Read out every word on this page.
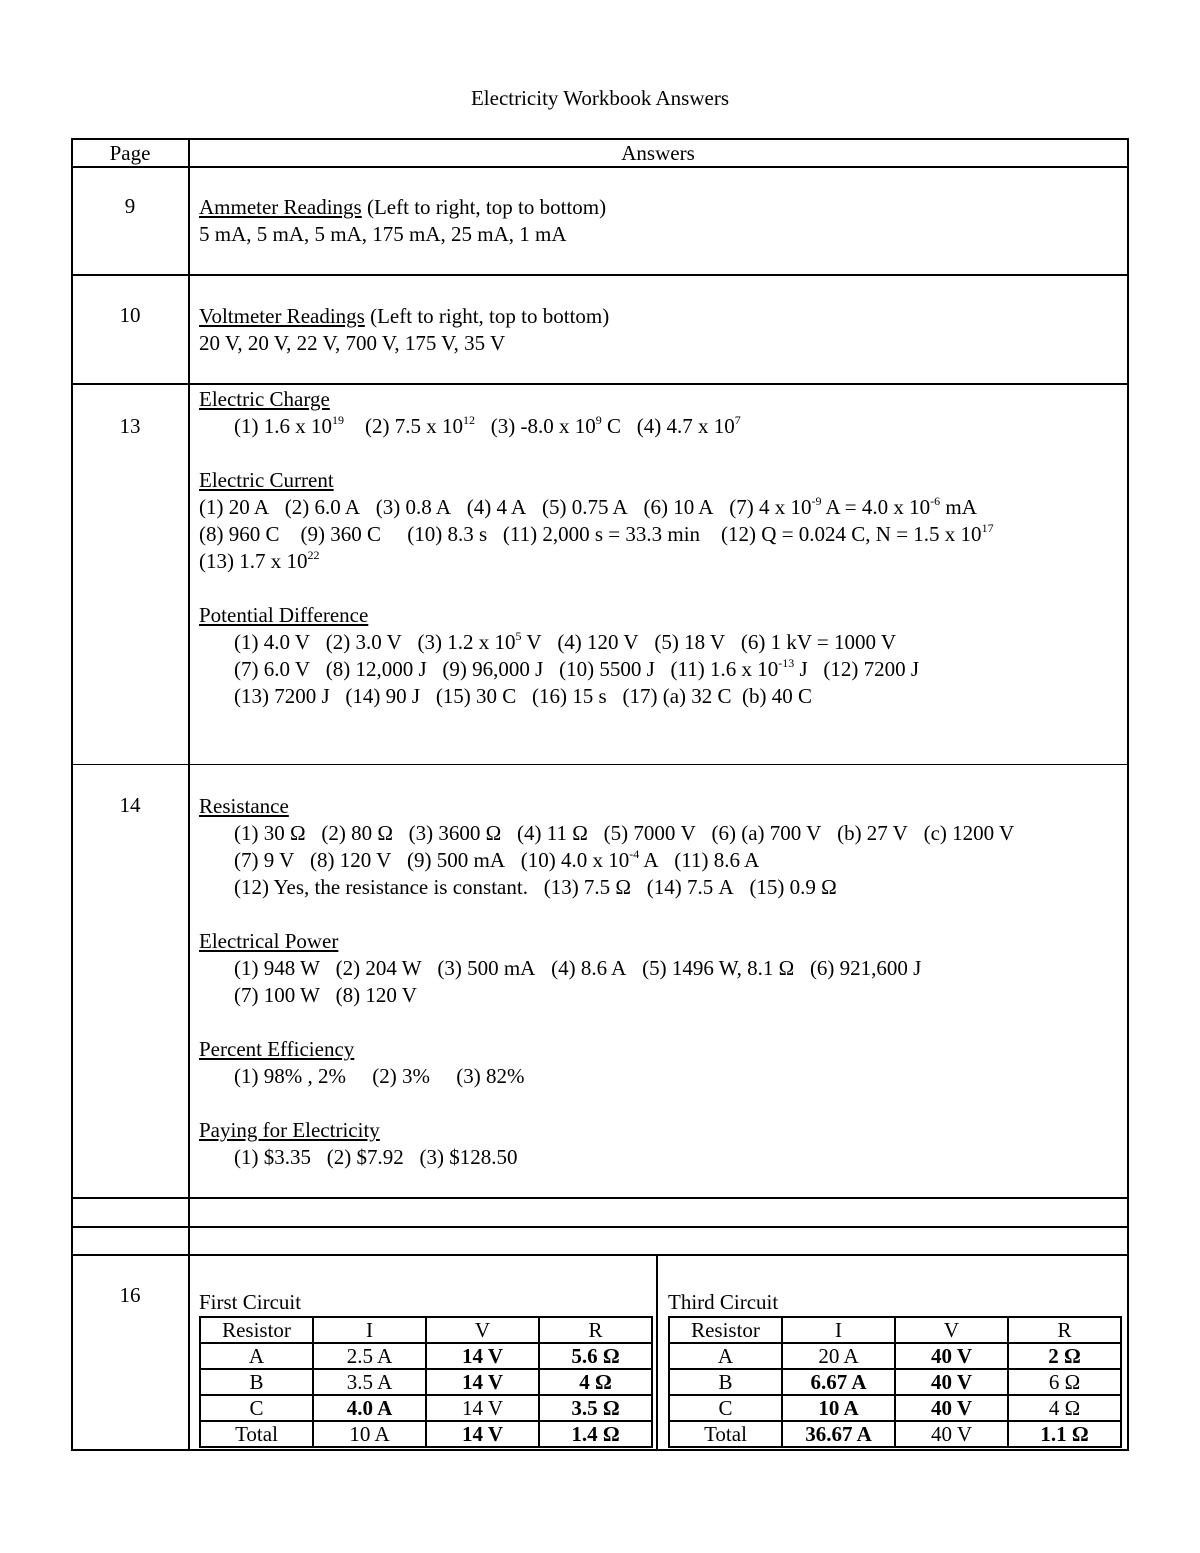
Electricity Workbook Answers
Page	Answers
9	Ammeter Readings (Left to right, top to bottom)
5 mA, 5 mA, 5 mA, 175 mA, 25 mA, 1 mA
10	Voltmeter Readings (Left to right, top to bottom)
20 V, 20 V, 22 V, 700 V, 175 V, 35 V
13
Electric Charge
(1) 1.6 x $10^{19}$    (2) 7.5 x $10^{12}$   (3) -8.0 x $10^9$ C   (4) 4.7 x $10^7$

Electric Current
(1) 20 A   (2) 6.0 A   (3) 0.8 A   (4) 4 A   (5) 0.75 A   (6) 10 A   (7) 4 x $10^{-9}$ A = 4.0 x $10^{-6}$ mA
(8) 960 C    (9) 360 C     (10) 8.3 s   (11) 2,000 s = 33.3 min    (12) Q = 0.024 C, N = 1.5 x $10^{17}$
(13) 1.7 x $10^{22}$

Potential Difference
(1) 4.0 V   (2) 3.0 V   (3) 1.2 x $10^5$ V   (4) 120 V   (5) 18 V   (6) 1 kV = 1000 V
(7) 6.0 V   (8) 12,000 J   (9) 96,000 J   (10) 5500 J   (11) 1.6 x $10^{-13}$ J   (12) 7200 J
(13) 7200 J   (14) 90 J   (15) 30 C   (16) 15 s   (17) (a) 32 C  (b) 40 C
14	Resistance
(1) 30 Ω   (2) 80 Ω   (3) 3600 Ω   (4) 11 Ω   (5) 7000 V   (6) (a) 700 V   (b) 27 V   (c) 1200 V
(7) 9 V   (8) 120 V   (9) 500 mA   (10) 4.0 x $10^{-4}$ A   (11) 8.6 A
(12) Yes, the resistance is constant.   (13) 7.5 Ω   (14) 7.5 A   (15) 0.9 Ω

Electrical Power
(1) 948 W   (2) 204 W   (3) 500 mA   (4) 8.6 A   (5) 1496 W, 8.1 Ω   (6) 921,600 J
(7) 100 W   (8) 120 V

Percent Efficiency
(1) 98% , 2%     (2) 3%     (3) 82%

Paying for Electricity
(1) $3.35   (2) $7.92   (3) $128.50
16	First Circuit
Resistor	I	V	R
A	2.5 A	14 V	5.6 Ω
B	3.5 A	14 V	4 Ω
C	4.0 A	14 V	3.5 Ω
Total	10 A	14 V	1.4 Ω
Third Circuit
Resistor	I	V	R
A	20 A	40 V	2 Ω
B	6.67 A	40 V	6 Ω
C	10 A	40 V	4 Ω
Total	36.67 A	40 V	1.1 Ω
